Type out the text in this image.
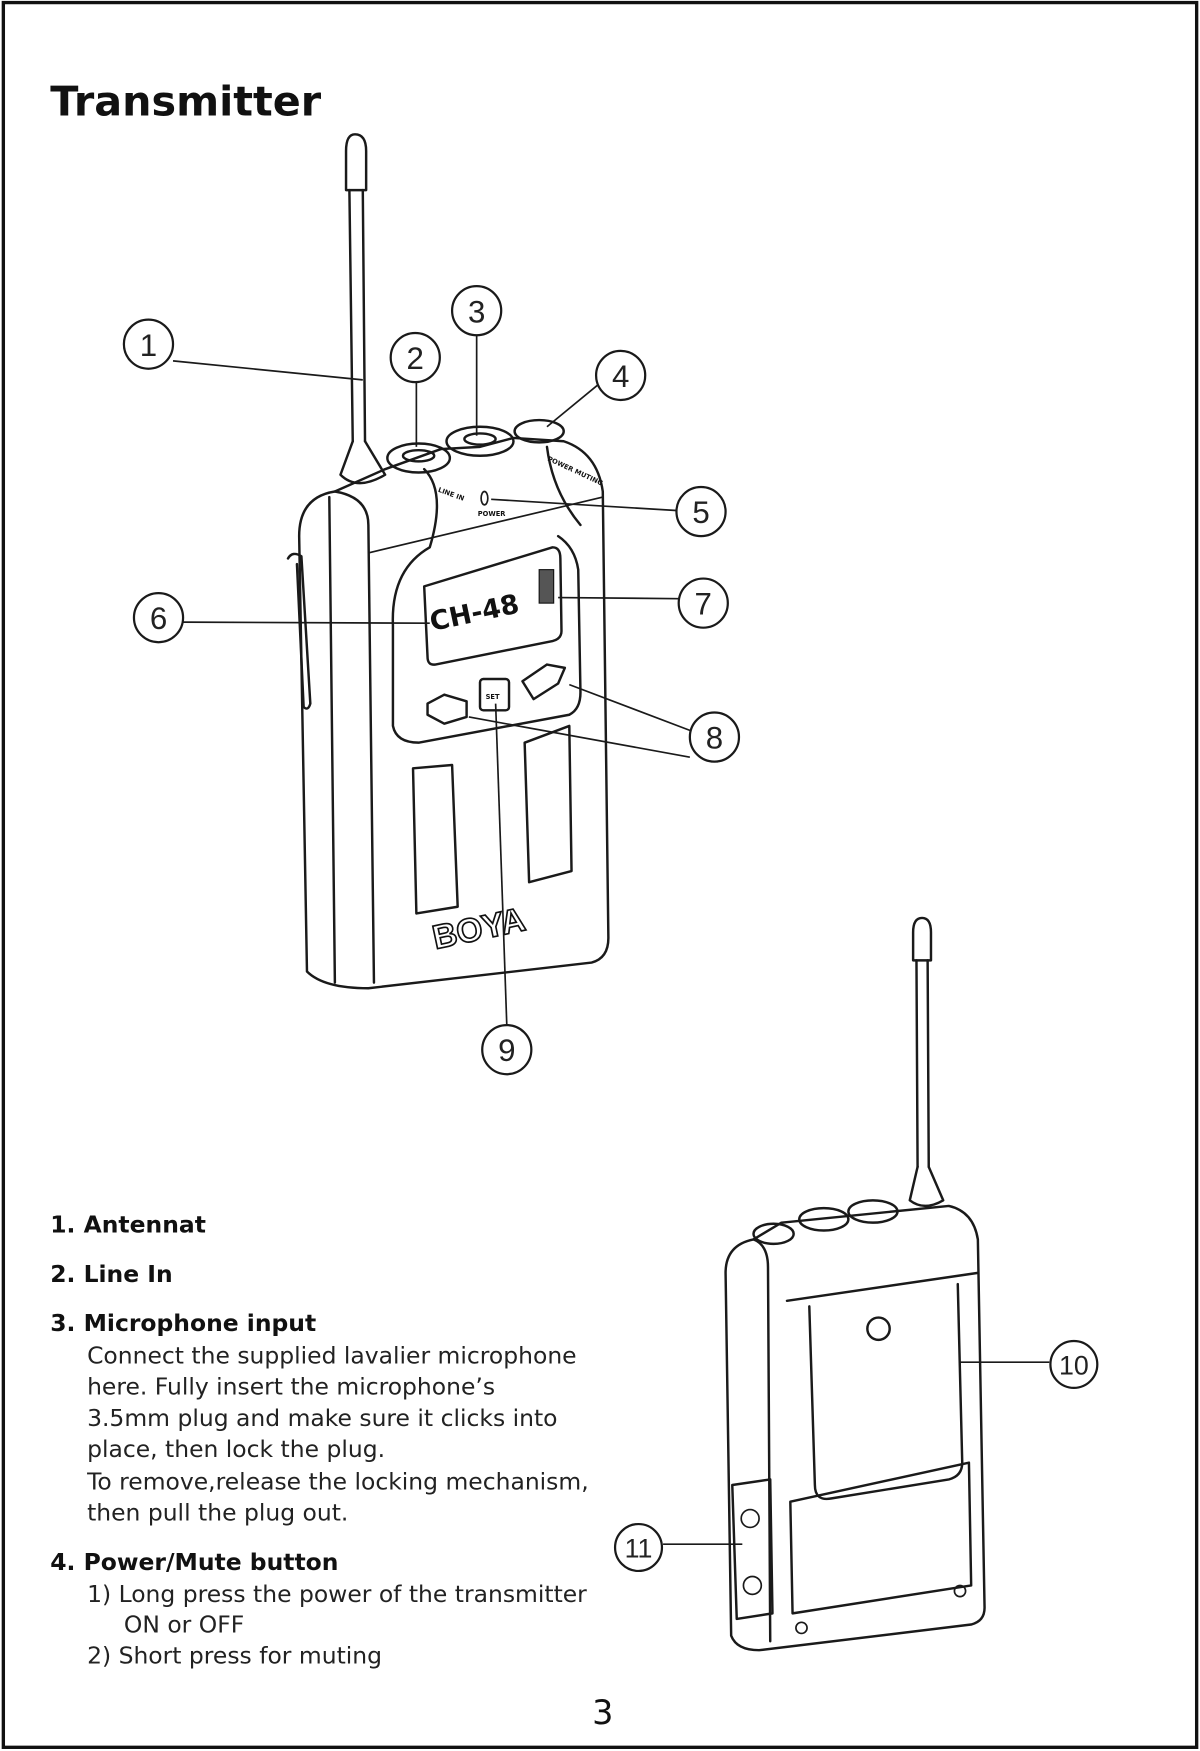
Transmitter
CH-48
SET
LINE IN
POWER
POWER MUTING
BOYA
1	2
3
4
5
6	7
8
9
10
11
1. Antennat
2. Line In
3. Microphone input
Connect the supplied lavalier microphone
here. Fully insert the microphone’s
3.5mm plug and make sure it clicks into
place, then lock the plug.
To remove,release the locking mechanism,
then pull the plug out.
4. Power/Mute button
1) Long press the power of the transmitter
ON or OFF
2) Short press for muting
3
